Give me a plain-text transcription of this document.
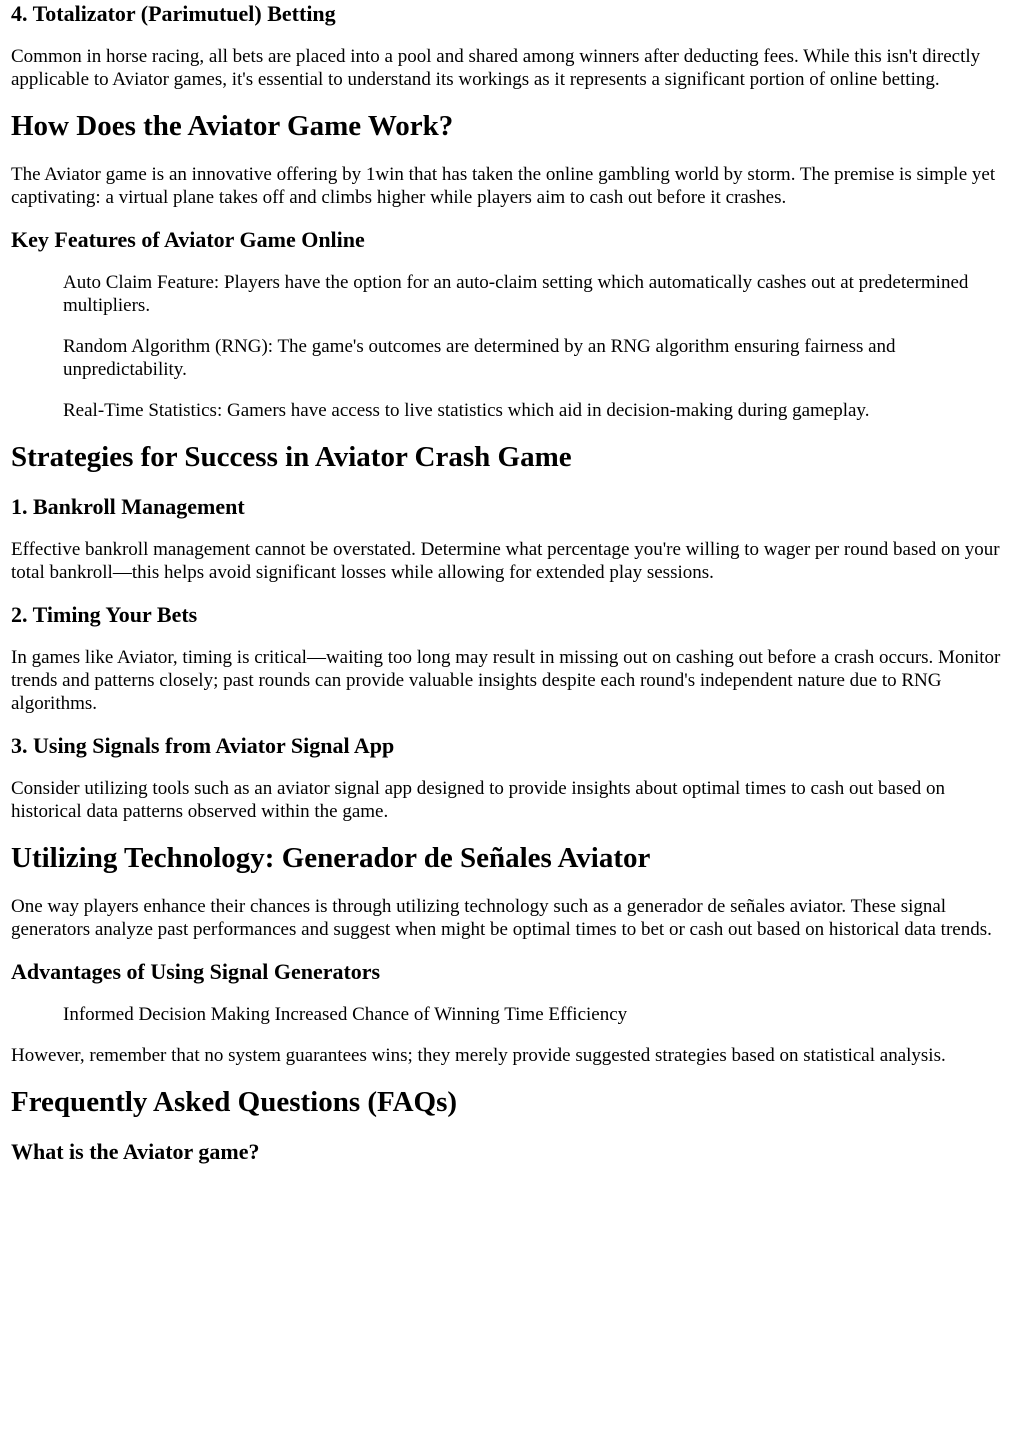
4. Totalizator (Parimutuel) Betting

Common in horse racing, all bets are placed into a pool and shared among winners after deducting fees. While this isn't directly applicable to Aviator games, it's essential to understand its workings as it represents a significant portion of online betting.

How Does the Aviator Game Work?

The Aviator game is an innovative offering by 1win that has taken the online gambling world by storm. The premise is simple yet captivating: a virtual plane takes off and climbs higher while players aim to cash out before it crashes.

Key Features of Aviator Game Online

Auto Claim Feature: Players have the option for an auto-claim setting which automatically cashes out at predetermined multipliers.

Random Algorithm (RNG): The game's outcomes are determined by an RNG algorithm ensuring fairness and unpredictability.

Real-Time Statistics: Gamers have access to live statistics which aid in decision-making during gameplay.

Strategies for Success in Aviator Crash Game
1. Bankroll Management

Effective bankroll management cannot be overstated. Determine what percentage you're willing to wager per round based on your total bankroll—this helps avoid significant losses while allowing for extended play sessions.

2. Timing Your Bets

In games like Aviator, timing is critical—waiting too long may result in missing out on cashing out before a crash occurs. Monitor trends and patterns closely; past rounds can provide valuable insights despite each round's independent nature due to RNG algorithms.

3. Using Signals from Aviator Signal App

Consider utilizing tools such as an aviator signal app designed to provide insights about optimal times to cash out based on historical data patterns observed within the game.

Utilizing Technology: Generador de Señales Aviator

One way players enhance their chances is through utilizing technology such as a generador de señales aviator. These signal generators analyze past performances and suggest when might be optimal times to bet or cash out based on historical data trends.

Advantages of Using Signal Generators

Informed Decision Making Increased Chance of Winning Time Efficiency

However, remember that no system guarantees wins; they merely provide suggested strategies based on statistical analysis.

Frequently Asked Questions (FAQs)
What is the Aviator game?
